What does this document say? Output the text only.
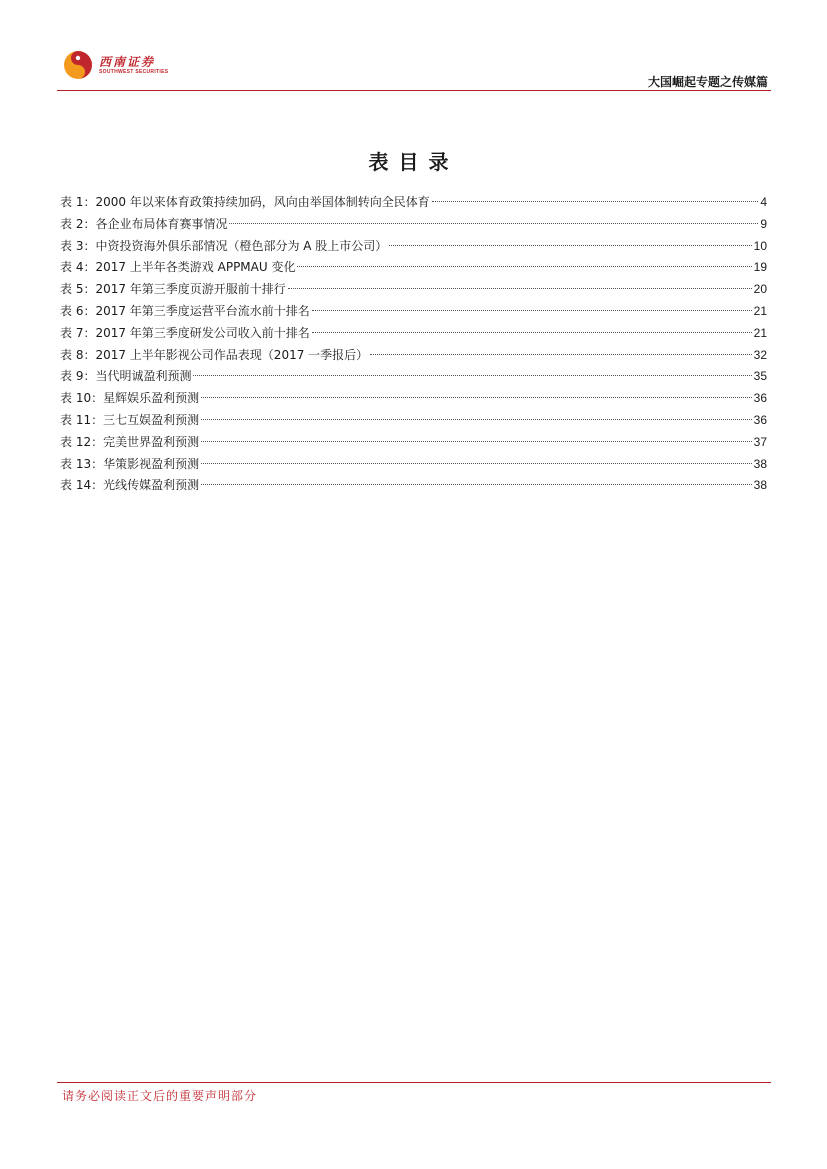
西南证券
SOUTHWEST SECURITIES
大国崛起专题之传媒篇
表目录
表 1：2000 年以来体育政策持续加码，风向由举国体制转向全民体育	4
表 2：各企业布局体育赛事情况	9
表 3：中资投资海外俱乐部情况（橙色部分为 A 股上市公司）	10
表 4：2017 上半年各类游戏 APPMAU 变化	19
表 5：2017 年第三季度页游开服前十排行	20
表 6：2017 年第三季度运营平台流水前十排名	21
表 7：2017 年第三季度研发公司收入前十排名	21
表 8：2017 上半年影视公司作品表现（2017 一季报后）	32
表 9：当代明诚盈利预测	35
表 10：星辉娱乐盈利预测	36
表 11：三七互娱盈利预测	36
表 12：完美世界盈利预测	37
表 13：华策影视盈利预测	38
表 14：光线传媒盈利预测	38
请务必阅读正文后的重要声明部分
